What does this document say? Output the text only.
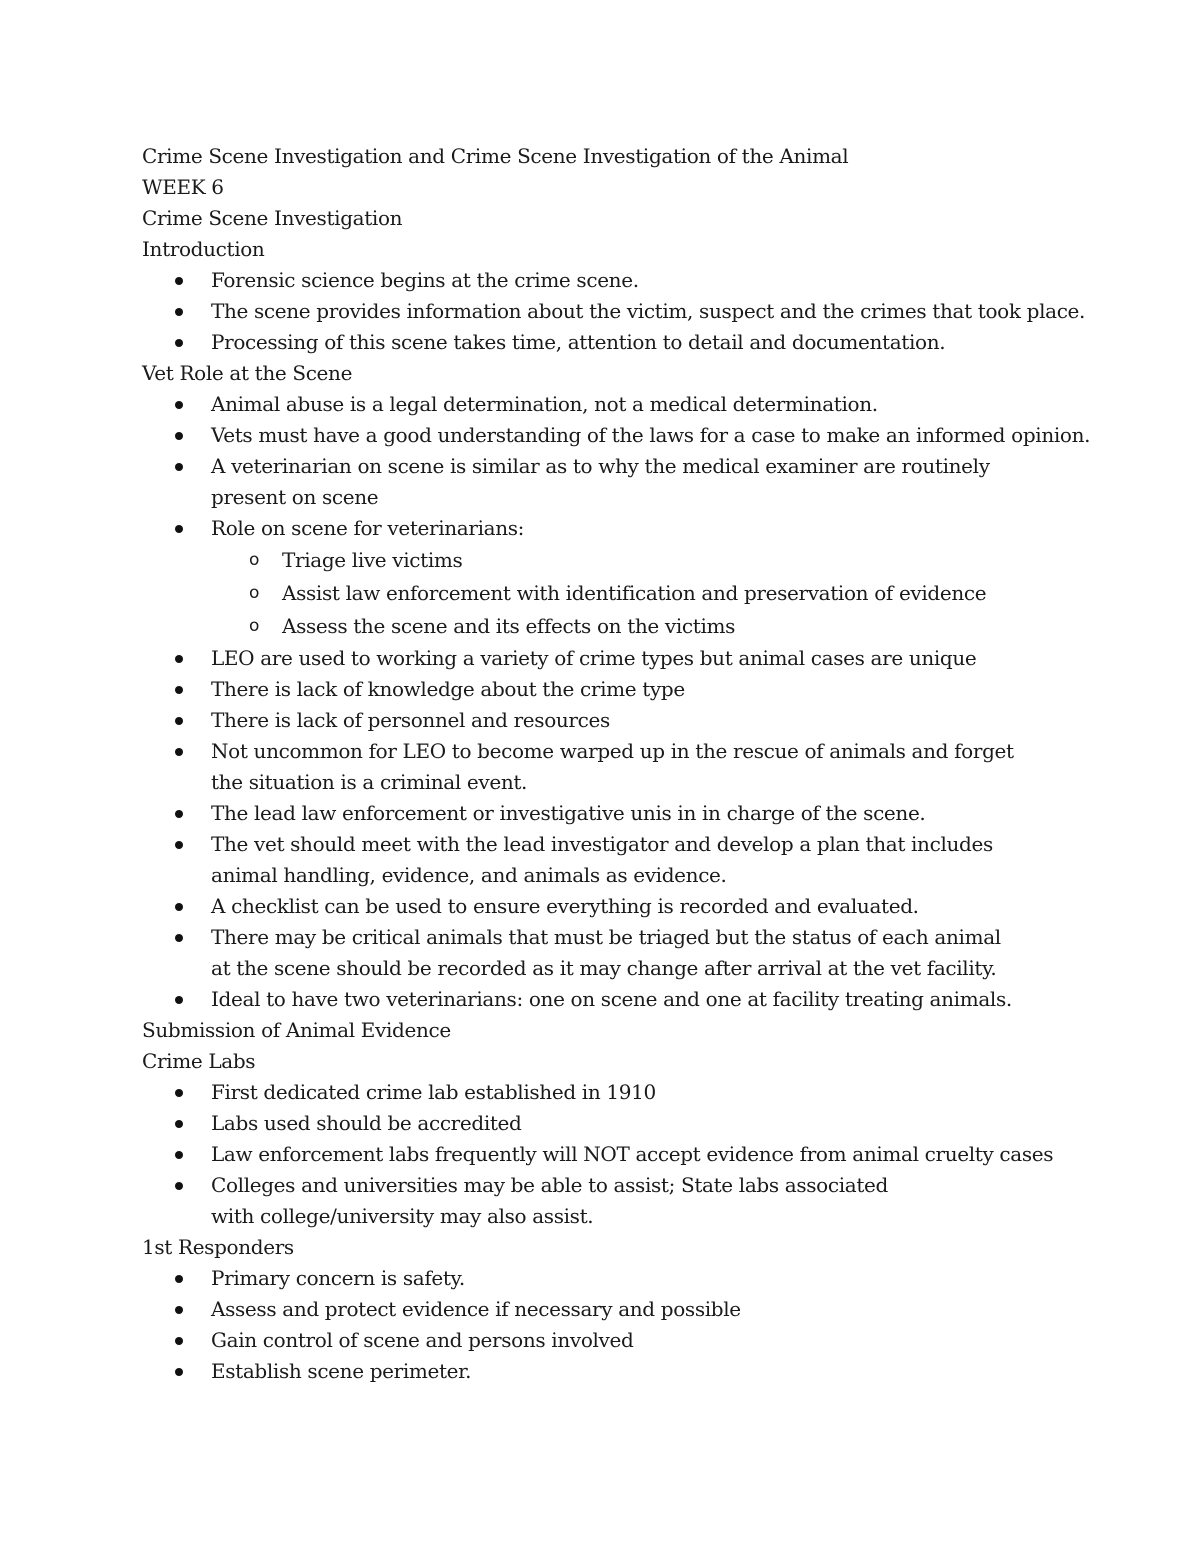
Crime Scene Investigation and Crime Scene Investigation of the Animal

WEEK 6

Crime Scene Investigation

Introduction

Forensic science begins at the crime scene.
The scene provides information about the victim, suspect and the crimes that took place.
Processing of this scene takes time, attention to detail and documentation.

Vet Role at the Scene

Animal abuse is a legal determination, not a medical determination.
Vets must have a good understanding of the laws for a case to make an informed opinion.
A veterinarian on scene is similar as to why the medical examiner are routinely present on scene
Role on scene for veterinarians:
o Triage live victims
o Assist law enforcement with identification and preservation of evidence
o Assess the scene and its effects on the victims
LEO are used to working a variety of crime types but animal cases are unique
There is lack of knowledge about the crime type
There is lack of personnel and resources
Not uncommon for LEO to become warped up in the rescue of animals and forget the situation is a criminal event.
The lead law enforcement or investigative unis in in charge of the scene.
The vet should meet with the lead investigator and develop a plan that includes animal handling, evidence, and animals as evidence.
A checklist can be used to ensure everything is recorded and evaluated.
There may be critical animals that must be triaged but the status of each animal at the scene should be recorded as it may change after arrival at the vet facility.
Ideal to have two veterinarians: one on scene and one at facility treating animals.

Submission of Animal Evidence

Crime Labs

First dedicated crime lab established in 1910
Labs used should be accredited
Law enforcement labs frequently will NOT accept evidence from animal cruelty cases
Colleges and universities may be able to assist; State labs associated with college/university may also assist.

1st Responders

Primary concern is safety.
Assess and protect evidence if necessary and possible
Gain control of scene and persons involved
Establish scene perimeter.
